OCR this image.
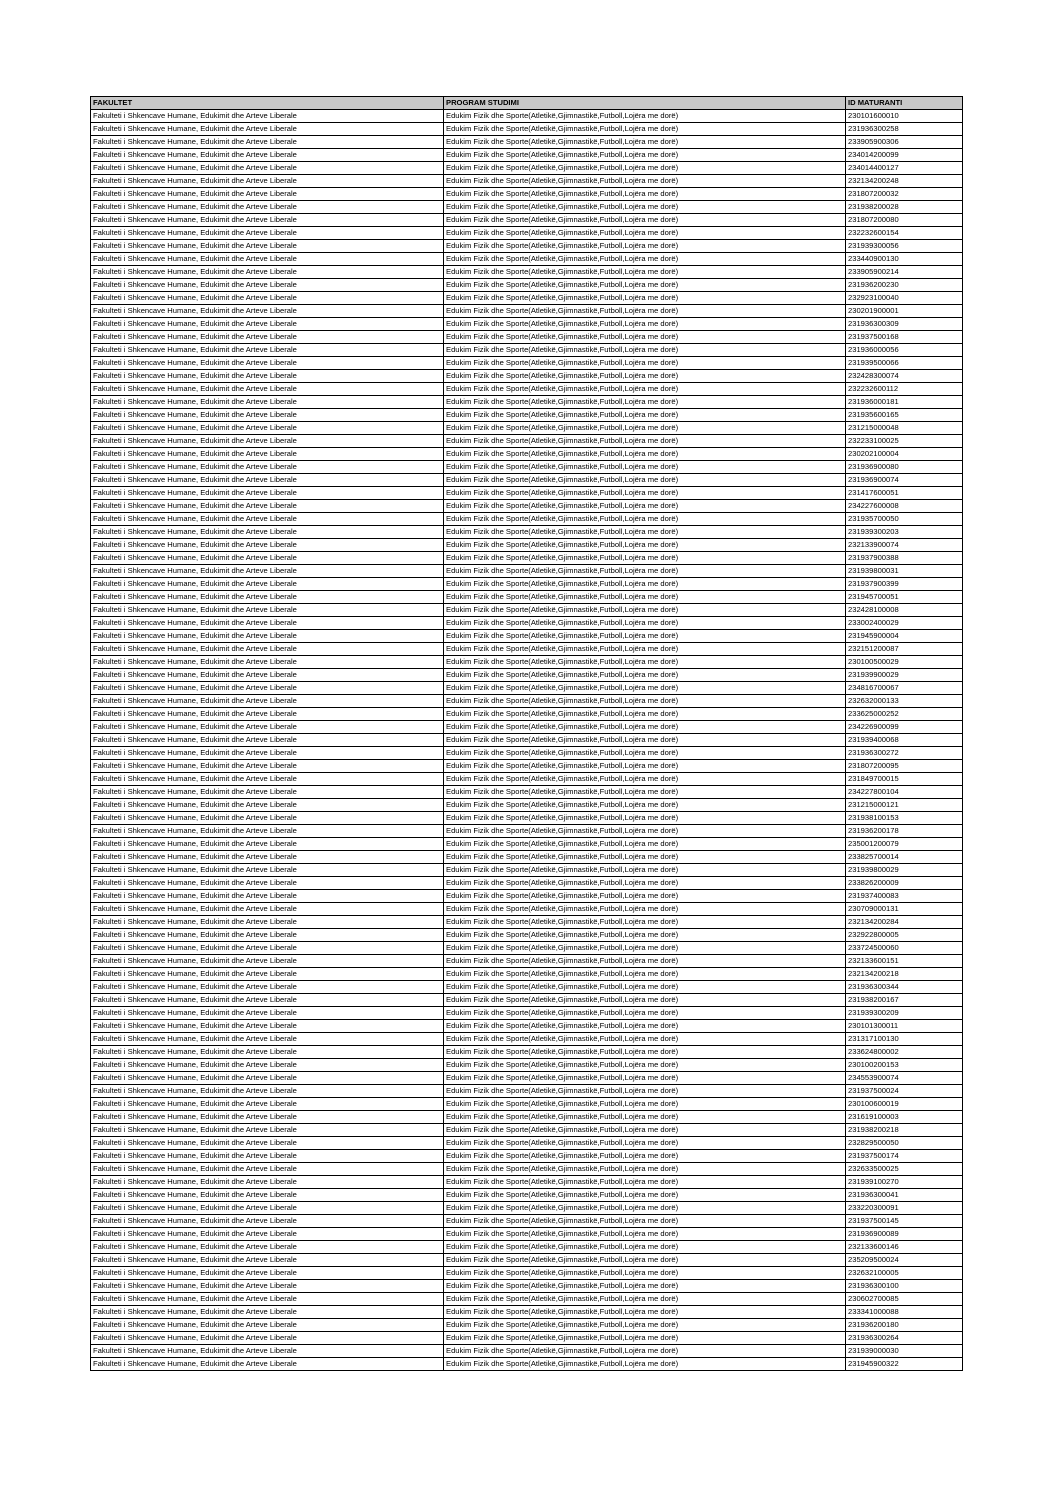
FAKULTET	PROGRAM STUDIMI	ID MATURANTI
Fakulteti i Shkencave Humane, Edukimit dhe Arteve Liberale	Edukim Fizik dhe Sporte(Atletikë,Gjimnastikë,Futboll,Lojëra me dorë)	230101600010
Fakulteti i Shkencave Humane, Edukimit dhe Arteve Liberale	Edukim Fizik dhe Sporte(Atletikë,Gjimnastikë,Futboll,Lojëra me dorë)	231936300258
Fakulteti i Shkencave Humane, Edukimit dhe Arteve Liberale	Edukim Fizik dhe Sporte(Atletikë,Gjimnastikë,Futboll,Lojëra me dorë)	233905900306
Fakulteti i Shkencave Humane, Edukimit dhe Arteve Liberale	Edukim Fizik dhe Sporte(Atletikë,Gjimnastikë,Futboll,Lojëra me dorë)	234014200099
Fakulteti i Shkencave Humane, Edukimit dhe Arteve Liberale	Edukim Fizik dhe Sporte(Atletikë,Gjimnastikë,Futboll,Lojëra me dorë)	234014400127
Fakulteti i Shkencave Humane, Edukimit dhe Arteve Liberale	Edukim Fizik dhe Sporte(Atletikë,Gjimnastikë,Futboll,Lojëra me dorë)	232134200248
Fakulteti i Shkencave Humane, Edukimit dhe Arteve Liberale	Edukim Fizik dhe Sporte(Atletikë,Gjimnastikë,Futboll,Lojëra me dorë)	231807200032
Fakulteti i Shkencave Humane, Edukimit dhe Arteve Liberale	Edukim Fizik dhe Sporte(Atletikë,Gjimnastikë,Futboll,Lojëra me dorë)	231938200028
Fakulteti i Shkencave Humane, Edukimit dhe Arteve Liberale	Edukim Fizik dhe Sporte(Atletikë,Gjimnastikë,Futboll,Lojëra me dorë)	231807200080
Fakulteti i Shkencave Humane, Edukimit dhe Arteve Liberale	Edukim Fizik dhe Sporte(Atletikë,Gjimnastikë,Futboll,Lojëra me dorë)	232232600154
Fakulteti i Shkencave Humane, Edukimit dhe Arteve Liberale	Edukim Fizik dhe Sporte(Atletikë,Gjimnastikë,Futboll,Lojëra me dorë)	231939300056
Fakulteti i Shkencave Humane, Edukimit dhe Arteve Liberale	Edukim Fizik dhe Sporte(Atletikë,Gjimnastikë,Futboll,Lojëra me dorë)	233440900130
Fakulteti i Shkencave Humane, Edukimit dhe Arteve Liberale	Edukim Fizik dhe Sporte(Atletikë,Gjimnastikë,Futboll,Lojëra me dorë)	233905900214
Fakulteti i Shkencave Humane, Edukimit dhe Arteve Liberale	Edukim Fizik dhe Sporte(Atletikë,Gjimnastikë,Futboll,Lojëra me dorë)	231936200230
Fakulteti i Shkencave Humane, Edukimit dhe Arteve Liberale	Edukim Fizik dhe Sporte(Atletikë,Gjimnastikë,Futboll,Lojëra me dorë)	232923100040
Fakulteti i Shkencave Humane, Edukimit dhe Arteve Liberale	Edukim Fizik dhe Sporte(Atletikë,Gjimnastikë,Futboll,Lojëra me dorë)	230201900001
Fakulteti i Shkencave Humane, Edukimit dhe Arteve Liberale	Edukim Fizik dhe Sporte(Atletikë,Gjimnastikë,Futboll,Lojëra me dorë)	231936300309
Fakulteti i Shkencave Humane, Edukimit dhe Arteve Liberale	Edukim Fizik dhe Sporte(Atletikë,Gjimnastikë,Futboll,Lojëra me dorë)	231937500168
Fakulteti i Shkencave Humane, Edukimit dhe Arteve Liberale	Edukim Fizik dhe Sporte(Atletikë,Gjimnastikë,Futboll,Lojëra me dorë)	231936000056
Fakulteti i Shkencave Humane, Edukimit dhe Arteve Liberale	Edukim Fizik dhe Sporte(Atletikë,Gjimnastikë,Futboll,Lojëra me dorë)	231939500066
Fakulteti i Shkencave Humane, Edukimit dhe Arteve Liberale	Edukim Fizik dhe Sporte(Atletikë,Gjimnastikë,Futboll,Lojëra me dorë)	232428300074
Fakulteti i Shkencave Humane, Edukimit dhe Arteve Liberale	Edukim Fizik dhe Sporte(Atletikë,Gjimnastikë,Futboll,Lojëra me dorë)	232232600112
Fakulteti i Shkencave Humane, Edukimit dhe Arteve Liberale	Edukim Fizik dhe Sporte(Atletikë,Gjimnastikë,Futboll,Lojëra me dorë)	231936000181
Fakulteti i Shkencave Humane, Edukimit dhe Arteve Liberale	Edukim Fizik dhe Sporte(Atletikë,Gjimnastikë,Futboll,Lojëra me dorë)	231935600165
Fakulteti i Shkencave Humane, Edukimit dhe Arteve Liberale	Edukim Fizik dhe Sporte(Atletikë,Gjimnastikë,Futboll,Lojëra me dorë)	231215000048
Fakulteti i Shkencave Humane, Edukimit dhe Arteve Liberale	Edukim Fizik dhe Sporte(Atletikë,Gjimnastikë,Futboll,Lojëra me dorë)	232233100025
Fakulteti i Shkencave Humane, Edukimit dhe Arteve Liberale	Edukim Fizik dhe Sporte(Atletikë,Gjimnastikë,Futboll,Lojëra me dorë)	230202100004
Fakulteti i Shkencave Humane, Edukimit dhe Arteve Liberale	Edukim Fizik dhe Sporte(Atletikë,Gjimnastikë,Futboll,Lojëra me dorë)	231936900080
Fakulteti i Shkencave Humane, Edukimit dhe Arteve Liberale	Edukim Fizik dhe Sporte(Atletikë,Gjimnastikë,Futboll,Lojëra me dorë)	231936900074
Fakulteti i Shkencave Humane, Edukimit dhe Arteve Liberale	Edukim Fizik dhe Sporte(Atletikë,Gjimnastikë,Futboll,Lojëra me dorë)	231417600051
Fakulteti i Shkencave Humane, Edukimit dhe Arteve Liberale	Edukim Fizik dhe Sporte(Atletikë,Gjimnastikë,Futboll,Lojëra me dorë)	234227600008
Fakulteti i Shkencave Humane, Edukimit dhe Arteve Liberale	Edukim Fizik dhe Sporte(Atletikë,Gjimnastikë,Futboll,Lojëra me dorë)	231935700050
Fakulteti i Shkencave Humane, Edukimit dhe Arteve Liberale	Edukim Fizik dhe Sporte(Atletikë,Gjimnastikë,Futboll,Lojëra me dorë)	231939300203
Fakulteti i Shkencave Humane, Edukimit dhe Arteve Liberale	Edukim Fizik dhe Sporte(Atletikë,Gjimnastikë,Futboll,Lojëra me dorë)	232133900074
Fakulteti i Shkencave Humane, Edukimit dhe Arteve Liberale	Edukim Fizik dhe Sporte(Atletikë,Gjimnastikë,Futboll,Lojëra me dorë)	231937900388
Fakulteti i Shkencave Humane, Edukimit dhe Arteve Liberale	Edukim Fizik dhe Sporte(Atletikë,Gjimnastikë,Futboll,Lojëra me dorë)	231939800031
Fakulteti i Shkencave Humane, Edukimit dhe Arteve Liberale	Edukim Fizik dhe Sporte(Atletikë,Gjimnastikë,Futboll,Lojëra me dorë)	231937900399
Fakulteti i Shkencave Humane, Edukimit dhe Arteve Liberale	Edukim Fizik dhe Sporte(Atletikë,Gjimnastikë,Futboll,Lojëra me dorë)	231945700051
Fakulteti i Shkencave Humane, Edukimit dhe Arteve Liberale	Edukim Fizik dhe Sporte(Atletikë,Gjimnastikë,Futboll,Lojëra me dorë)	232428100008
Fakulteti i Shkencave Humane, Edukimit dhe Arteve Liberale	Edukim Fizik dhe Sporte(Atletikë,Gjimnastikë,Futboll,Lojëra me dorë)	233002400029
Fakulteti i Shkencave Humane, Edukimit dhe Arteve Liberale	Edukim Fizik dhe Sporte(Atletikë,Gjimnastikë,Futboll,Lojëra me dorë)	231945900004
Fakulteti i Shkencave Humane, Edukimit dhe Arteve Liberale	Edukim Fizik dhe Sporte(Atletikë,Gjimnastikë,Futboll,Lojëra me dorë)	232151200087
Fakulteti i Shkencave Humane, Edukimit dhe Arteve Liberale	Edukim Fizik dhe Sporte(Atletikë,Gjimnastikë,Futboll,Lojëra me dorë)	230100500029
Fakulteti i Shkencave Humane, Edukimit dhe Arteve Liberale	Edukim Fizik dhe Sporte(Atletikë,Gjimnastikë,Futboll,Lojëra me dorë)	231939900029
Fakulteti i Shkencave Humane, Edukimit dhe Arteve Liberale	Edukim Fizik dhe Sporte(Atletikë,Gjimnastikë,Futboll,Lojëra me dorë)	234816700067
Fakulteti i Shkencave Humane, Edukimit dhe Arteve Liberale	Edukim Fizik dhe Sporte(Atletikë,Gjimnastikë,Futboll,Lojëra me dorë)	232632000133
Fakulteti i Shkencave Humane, Edukimit dhe Arteve Liberale	Edukim Fizik dhe Sporte(Atletikë,Gjimnastikë,Futboll,Lojëra me dorë)	233625000252
Fakulteti i Shkencave Humane, Edukimit dhe Arteve Liberale	Edukim Fizik dhe Sporte(Atletikë,Gjimnastikë,Futboll,Lojëra me dorë)	234226900099
Fakulteti i Shkencave Humane, Edukimit dhe Arteve Liberale	Edukim Fizik dhe Sporte(Atletikë,Gjimnastikë,Futboll,Lojëra me dorë)	231939400068
Fakulteti i Shkencave Humane, Edukimit dhe Arteve Liberale	Edukim Fizik dhe Sporte(Atletikë,Gjimnastikë,Futboll,Lojëra me dorë)	231936300272
Fakulteti i Shkencave Humane, Edukimit dhe Arteve Liberale	Edukim Fizik dhe Sporte(Atletikë,Gjimnastikë,Futboll,Lojëra me dorë)	231807200095
Fakulteti i Shkencave Humane, Edukimit dhe Arteve Liberale	Edukim Fizik dhe Sporte(Atletikë,Gjimnastikë,Futboll,Lojëra me dorë)	231849700015
Fakulteti i Shkencave Humane, Edukimit dhe Arteve Liberale	Edukim Fizik dhe Sporte(Atletikë,Gjimnastikë,Futboll,Lojëra me dorë)	234227800104
Fakulteti i Shkencave Humane, Edukimit dhe Arteve Liberale	Edukim Fizik dhe Sporte(Atletikë,Gjimnastikë,Futboll,Lojëra me dorë)	231215000121
Fakulteti i Shkencave Humane, Edukimit dhe Arteve Liberale	Edukim Fizik dhe Sporte(Atletikë,Gjimnastikë,Futboll,Lojëra me dorë)	231938100153
Fakulteti i Shkencave Humane, Edukimit dhe Arteve Liberale	Edukim Fizik dhe Sporte(Atletikë,Gjimnastikë,Futboll,Lojëra me dorë)	231936200178
Fakulteti i Shkencave Humane, Edukimit dhe Arteve Liberale	Edukim Fizik dhe Sporte(Atletikë,Gjimnastikë,Futboll,Lojëra me dorë)	235001200079
Fakulteti i Shkencave Humane, Edukimit dhe Arteve Liberale	Edukim Fizik dhe Sporte(Atletikë,Gjimnastikë,Futboll,Lojëra me dorë)	233825700014
Fakulteti i Shkencave Humane, Edukimit dhe Arteve Liberale	Edukim Fizik dhe Sporte(Atletikë,Gjimnastikë,Futboll,Lojëra me dorë)	231939800029
Fakulteti i Shkencave Humane, Edukimit dhe Arteve Liberale	Edukim Fizik dhe Sporte(Atletikë,Gjimnastikë,Futboll,Lojëra me dorë)	233826200009
Fakulteti i Shkencave Humane, Edukimit dhe Arteve Liberale	Edukim Fizik dhe Sporte(Atletikë,Gjimnastikë,Futboll,Lojëra me dorë)	231937400083
Fakulteti i Shkencave Humane, Edukimit dhe Arteve Liberale	Edukim Fizik dhe Sporte(Atletikë,Gjimnastikë,Futboll,Lojëra me dorë)	230709000131
Fakulteti i Shkencave Humane, Edukimit dhe Arteve Liberale	Edukim Fizik dhe Sporte(Atletikë,Gjimnastikë,Futboll,Lojëra me dorë)	232134200284
Fakulteti i Shkencave Humane, Edukimit dhe Arteve Liberale	Edukim Fizik dhe Sporte(Atletikë,Gjimnastikë,Futboll,Lojëra me dorë)	232922800005
Fakulteti i Shkencave Humane, Edukimit dhe Arteve Liberale	Edukim Fizik dhe Sporte(Atletikë,Gjimnastikë,Futboll,Lojëra me dorë)	233724500060
Fakulteti i Shkencave Humane, Edukimit dhe Arteve Liberale	Edukim Fizik dhe Sporte(Atletikë,Gjimnastikë,Futboll,Lojëra me dorë)	232133600151
Fakulteti i Shkencave Humane, Edukimit dhe Arteve Liberale	Edukim Fizik dhe Sporte(Atletikë,Gjimnastikë,Futboll,Lojëra me dorë)	232134200218
Fakulteti i Shkencave Humane, Edukimit dhe Arteve Liberale	Edukim Fizik dhe Sporte(Atletikë,Gjimnastikë,Futboll,Lojëra me dorë)	231936300344
Fakulteti i Shkencave Humane, Edukimit dhe Arteve Liberale	Edukim Fizik dhe Sporte(Atletikë,Gjimnastikë,Futboll,Lojëra me dorë)	231938200167
Fakulteti i Shkencave Humane, Edukimit dhe Arteve Liberale	Edukim Fizik dhe Sporte(Atletikë,Gjimnastikë,Futboll,Lojëra me dorë)	231939300209
Fakulteti i Shkencave Humane, Edukimit dhe Arteve Liberale	Edukim Fizik dhe Sporte(Atletikë,Gjimnastikë,Futboll,Lojëra me dorë)	230101300011
Fakulteti i Shkencave Humane, Edukimit dhe Arteve Liberale	Edukim Fizik dhe Sporte(Atletikë,Gjimnastikë,Futboll,Lojëra me dorë)	231317100130
Fakulteti i Shkencave Humane, Edukimit dhe Arteve Liberale	Edukim Fizik dhe Sporte(Atletikë,Gjimnastikë,Futboll,Lojëra me dorë)	233624800002
Fakulteti i Shkencave Humane, Edukimit dhe Arteve Liberale	Edukim Fizik dhe Sporte(Atletikë,Gjimnastikë,Futboll,Lojëra me dorë)	230100200153
Fakulteti i Shkencave Humane, Edukimit dhe Arteve Liberale	Edukim Fizik dhe Sporte(Atletikë,Gjimnastikë,Futboll,Lojëra me dorë)	234553900074
Fakulteti i Shkencave Humane, Edukimit dhe Arteve Liberale	Edukim Fizik dhe Sporte(Atletikë,Gjimnastikë,Futboll,Lojëra me dorë)	231937500024
Fakulteti i Shkencave Humane, Edukimit dhe Arteve Liberale	Edukim Fizik dhe Sporte(Atletikë,Gjimnastikë,Futboll,Lojëra me dorë)	230100600019
Fakulteti i Shkencave Humane, Edukimit dhe Arteve Liberale	Edukim Fizik dhe Sporte(Atletikë,Gjimnastikë,Futboll,Lojëra me dorë)	231619100003
Fakulteti i Shkencave Humane, Edukimit dhe Arteve Liberale	Edukim Fizik dhe Sporte(Atletikë,Gjimnastikë,Futboll,Lojëra me dorë)	231938200218
Fakulteti i Shkencave Humane, Edukimit dhe Arteve Liberale	Edukim Fizik dhe Sporte(Atletikë,Gjimnastikë,Futboll,Lojëra me dorë)	232829500050
Fakulteti i Shkencave Humane, Edukimit dhe Arteve Liberale	Edukim Fizik dhe Sporte(Atletikë,Gjimnastikë,Futboll,Lojëra me dorë)	231937500174
Fakulteti i Shkencave Humane, Edukimit dhe Arteve Liberale	Edukim Fizik dhe Sporte(Atletikë,Gjimnastikë,Futboll,Lojëra me dorë)	232633500025
Fakulteti i Shkencave Humane, Edukimit dhe Arteve Liberale	Edukim Fizik dhe Sporte(Atletikë,Gjimnastikë,Futboll,Lojëra me dorë)	231939100270
Fakulteti i Shkencave Humane, Edukimit dhe Arteve Liberale	Edukim Fizik dhe Sporte(Atletikë,Gjimnastikë,Futboll,Lojëra me dorë)	231936300041
Fakulteti i Shkencave Humane, Edukimit dhe Arteve Liberale	Edukim Fizik dhe Sporte(Atletikë,Gjimnastikë,Futboll,Lojëra me dorë)	233220300091
Fakulteti i Shkencave Humane, Edukimit dhe Arteve Liberale	Edukim Fizik dhe Sporte(Atletikë,Gjimnastikë,Futboll,Lojëra me dorë)	231937500145
Fakulteti i Shkencave Humane, Edukimit dhe Arteve Liberale	Edukim Fizik dhe Sporte(Atletikë,Gjimnastikë,Futboll,Lojëra me dorë)	231936900089
Fakulteti i Shkencave Humane, Edukimit dhe Arteve Liberale	Edukim Fizik dhe Sporte(Atletikë,Gjimnastikë,Futboll,Lojëra me dorë)	232133600146
Fakulteti i Shkencave Humane, Edukimit dhe Arteve Liberale	Edukim Fizik dhe Sporte(Atletikë,Gjimnastikë,Futboll,Lojëra me dorë)	235209500024
Fakulteti i Shkencave Humane, Edukimit dhe Arteve Liberale	Edukim Fizik dhe Sporte(Atletikë,Gjimnastikë,Futboll,Lojëra me dorë)	232632100005
Fakulteti i Shkencave Humane, Edukimit dhe Arteve Liberale	Edukim Fizik dhe Sporte(Atletikë,Gjimnastikë,Futboll,Lojëra me dorë)	231936300100
Fakulteti i Shkencave Humane, Edukimit dhe Arteve Liberale	Edukim Fizik dhe Sporte(Atletikë,Gjimnastikë,Futboll,Lojëra me dorë)	230602700085
Fakulteti i Shkencave Humane, Edukimit dhe Arteve Liberale	Edukim Fizik dhe Sporte(Atletikë,Gjimnastikë,Futboll,Lojëra me dorë)	233341000088
Fakulteti i Shkencave Humane, Edukimit dhe Arteve Liberale	Edukim Fizik dhe Sporte(Atletikë,Gjimnastikë,Futboll,Lojëra me dorë)	231936200180
Fakulteti i Shkencave Humane, Edukimit dhe Arteve Liberale	Edukim Fizik dhe Sporte(Atletikë,Gjimnastikë,Futboll,Lojëra me dorë)	231936300264
Fakulteti i Shkencave Humane, Edukimit dhe Arteve Liberale	Edukim Fizik dhe Sporte(Atletikë,Gjimnastikë,Futboll,Lojëra me dorë)	231939000030
Fakulteti i Shkencave Humane, Edukimit dhe Arteve Liberale	Edukim Fizik dhe Sporte(Atletikë,Gjimnastikë,Futboll,Lojëra me dorë)	231945900322
